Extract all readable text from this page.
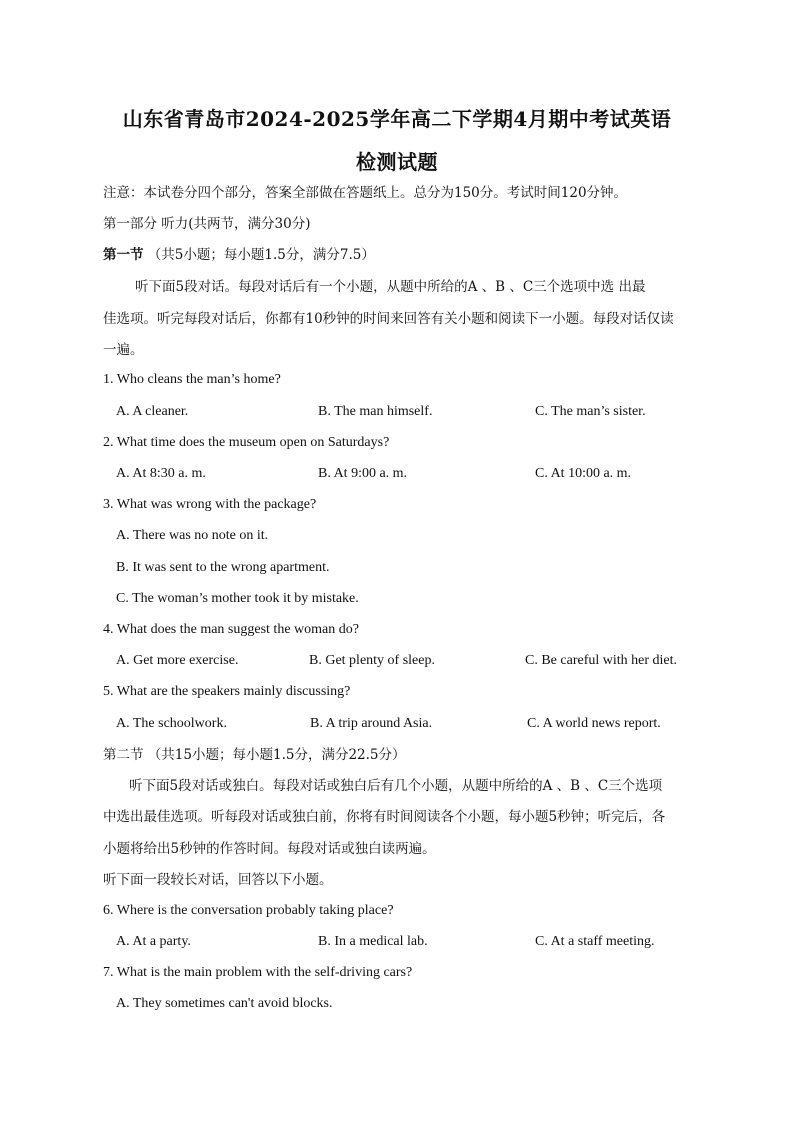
山东省青岛市2024-2025学年高二下学期4月期中考试英语
检测试题
注意：本试卷分四个部分，答案全部做在答题纸上。总分为150分。考试时间120分钟。
第一部分 听力(共两节，满分30分)
第一节 （共5小题；每小题1.5分，满分7.5）
听下面5段对话。每段对话后有一个小题，从题中所给的A 、B 、C三个选项中选 出最
佳选项。听完每段对话后，你都有10秒钟的时间来回答有关小题和阅读下一小题。每段对话仅读
一遍。
1. Who cleans the man’s home?
A. A cleaner.	B. The man himself.	C. The man’s sister.
2. What time does the museum open on Saturdays?
A. At 8:30 a. m.	B. At 9:00 a. m.	C. At 10:00 a. m.
3. What was wrong with the package?
A. There was no note on it.
B. It was sent to the wrong apartment.
C. The woman’s mother took it by mistake.
4. What does the man suggest the woman do?
A. Get more exercise.	B. Get plenty of sleep.	C. Be careful with her diet.
5. What are the speakers mainly discussing?
A. The schoolwork.	B. A trip around Asia.	C. A world news report.
第二节 （共15小题；每小题1.5分，满分22.5分）
听下面5段对话或独白。每段对话或独白后有几个小题，从题中所给的A 、B 、C三个选项
中选出最佳选项。听每段对话或独白前，你将有时间阅读各个小题，每小题5秒钟；听完后，各
小题将给出5秒钟的作答时间。每段对话或独白读两遍。
听下面一段较长对话，回答以下小题。
6. Where is the conversation probably taking place?
A. At a party.	B. In a medical lab.	C. At a staff meeting.
7. What is the main problem with the self-driving cars?
A. They sometimes can't avoid blocks.
